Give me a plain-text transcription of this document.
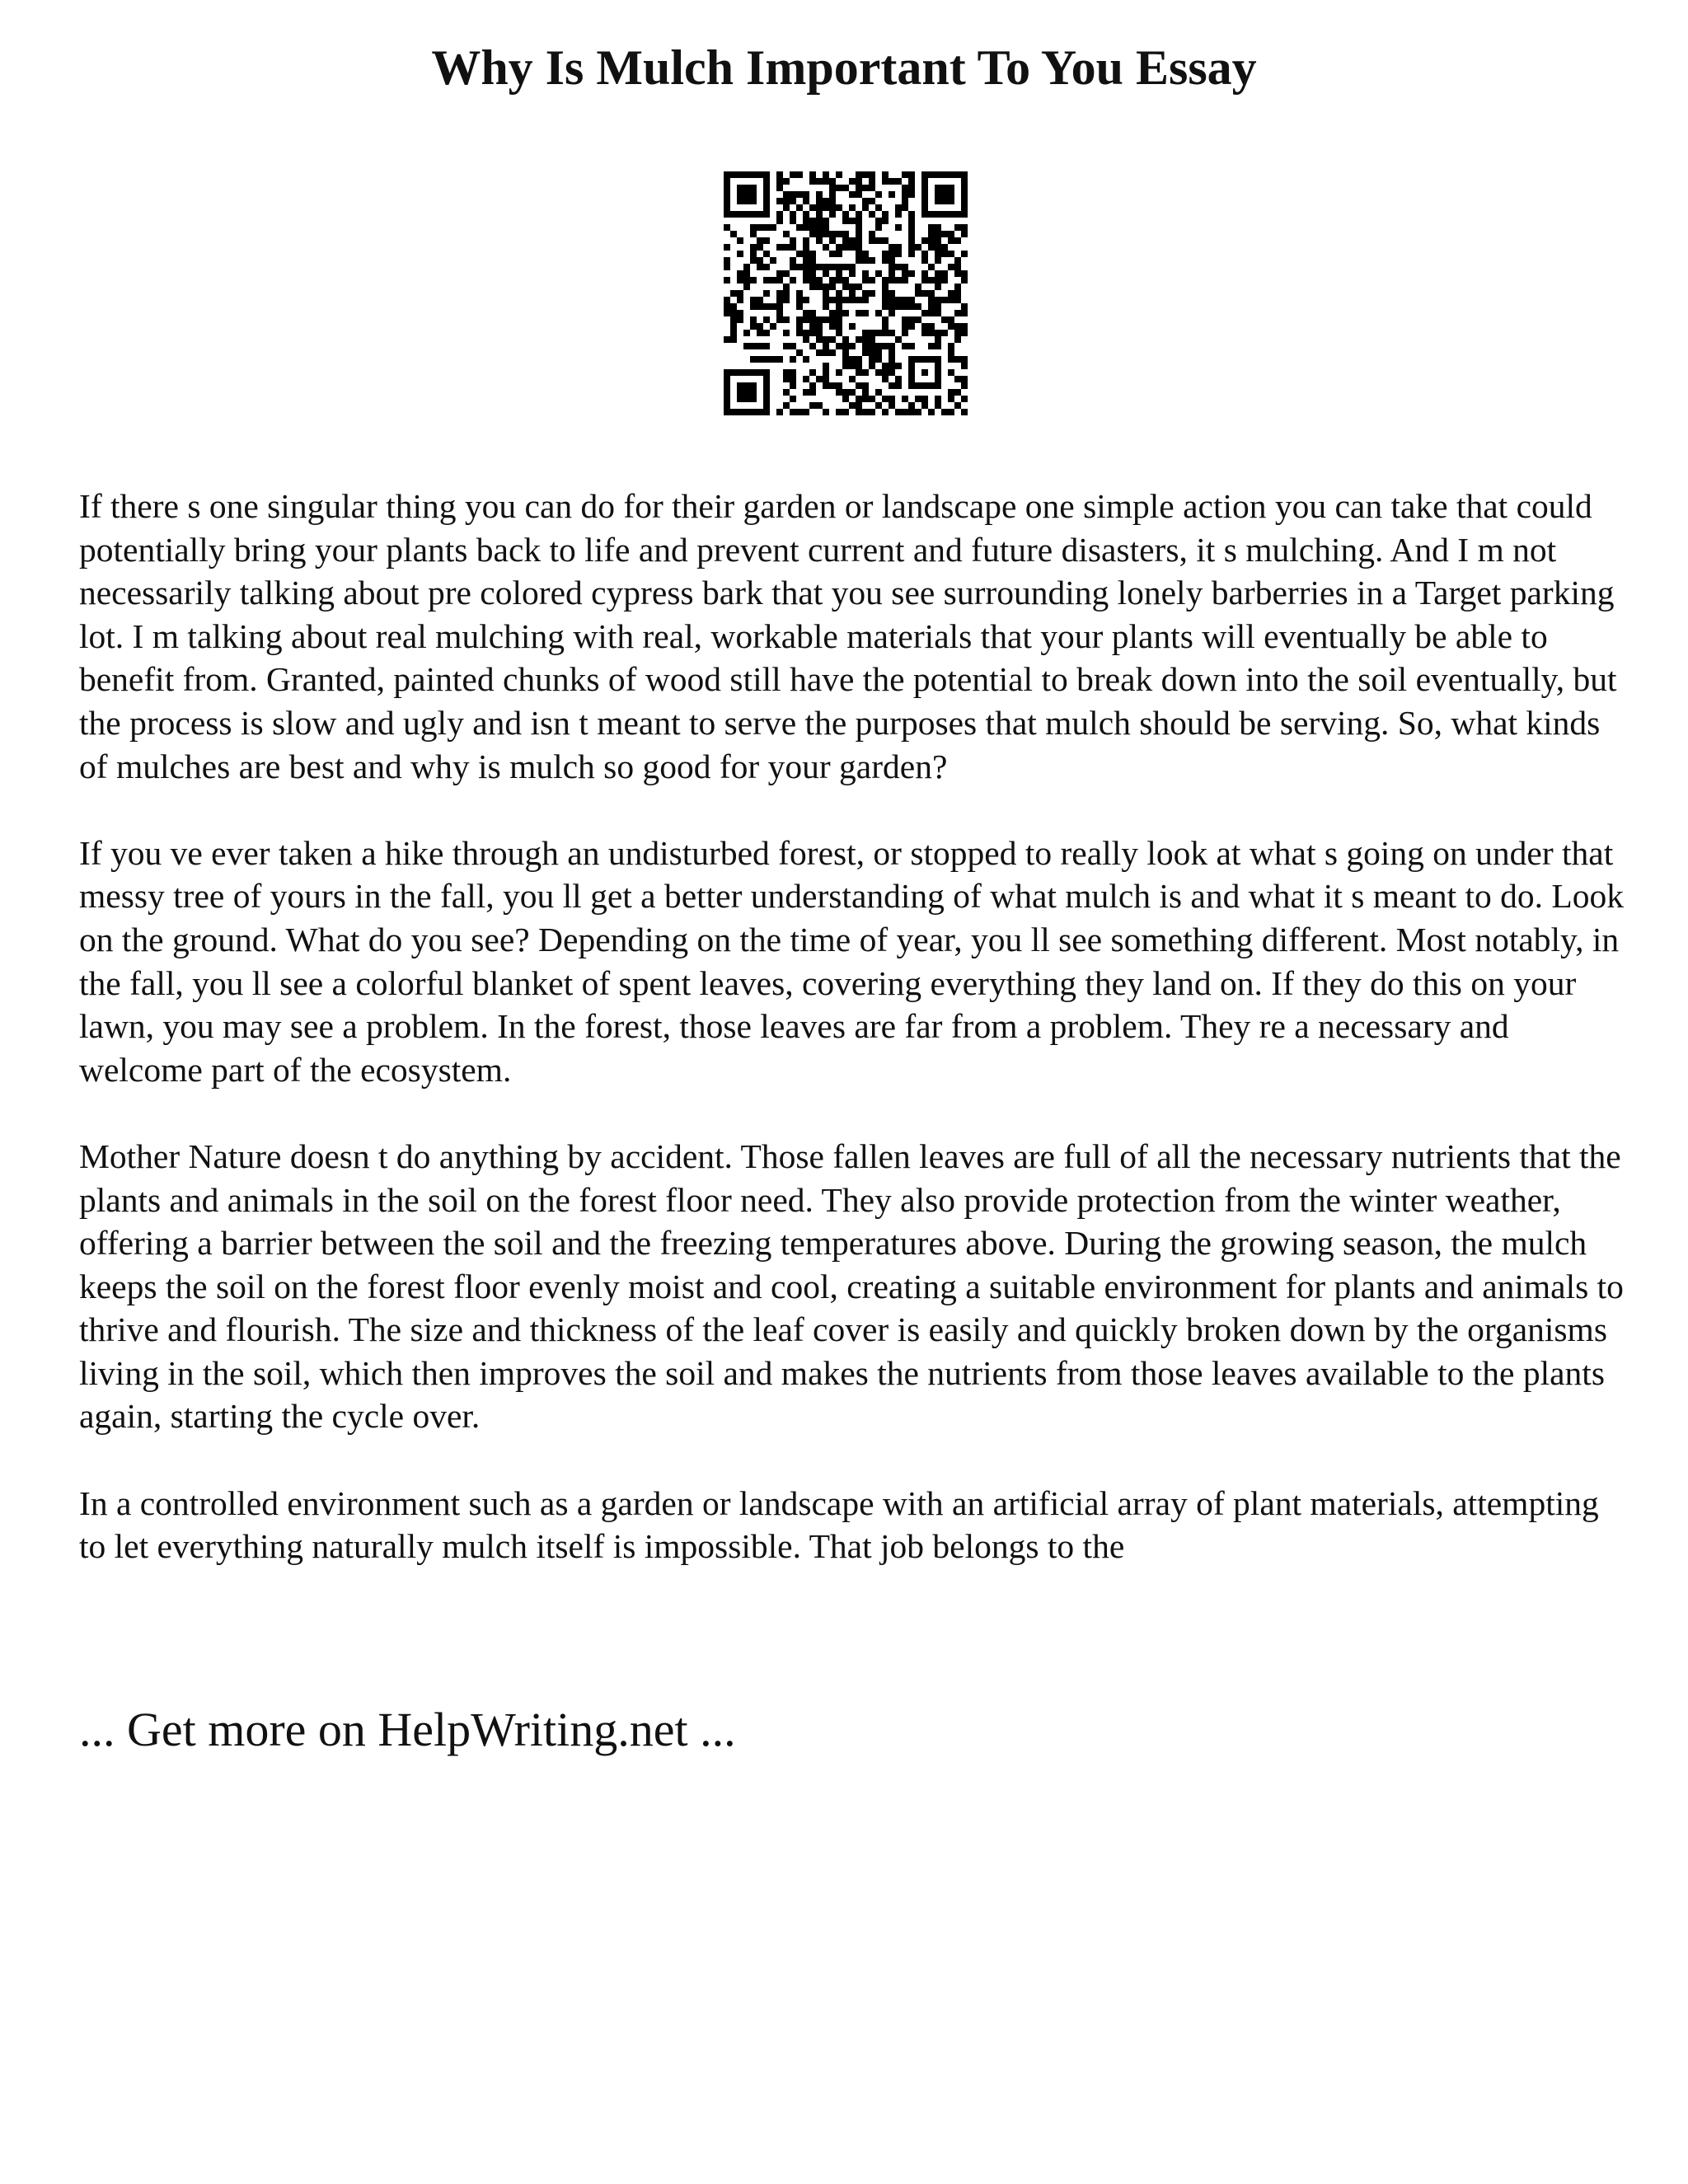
Why Is Mulch Important To You Essay

If there s one singular thing you can do for their garden or landscape one simple action you can take that could potentially bring your plants back to life and prevent current and future disasters, it s mulching. And I m not necessarily talking about pre colored cypress bark that you see surrounding lonely barberries in a Target parking lot. I m talking about real mulching with real, workable materials that your plants will eventually be able to benefit from. Granted, painted chunks of wood still have the potential to break down into the soil eventually, but the process is slow and ugly and isn t meant to serve the purposes that mulch should be serving. So, what kinds of mulches are best and why is mulch so good for your garden?

If you ve ever taken a hike through an undisturbed forest, or stopped to really look at what s going on under that messy tree of yours in the fall, you ll get a better understanding of what mulch is and what it s meant to do. Look on the ground. What do you see? Depending on the time of year, you ll see something different. Most notably, in the fall, you ll see a colorful blanket of spent leaves, covering everything they land on. If they do this on your lawn, you may see a problem. In the forest, those leaves are far from a problem. They re a necessary and welcome part of the ecosystem.

Mother Nature doesn t do anything by accident. Those fallen leaves are full of all the necessary nutrients that the plants and animals in the soil on the forest floor need. They also provide protection from the winter weather, offering a barrier between the soil and the freezing temperatures above. During the growing season, the mulch keeps the soil on the forest floor evenly moist and cool, creating a suitable environment for plants and animals to thrive and flourish. The size and thickness of the leaf cover is easily and quickly broken down by the organisms living in the soil, which then improves the soil and makes the nutrients from those leaves available to the plants again, starting the cycle over.

In a controlled environment such as a garden or landscape with an artificial array of plant materials, attempting to let everything naturally mulch itself is impossible. That job belongs to the

... Get more on HelpWriting.net ...
